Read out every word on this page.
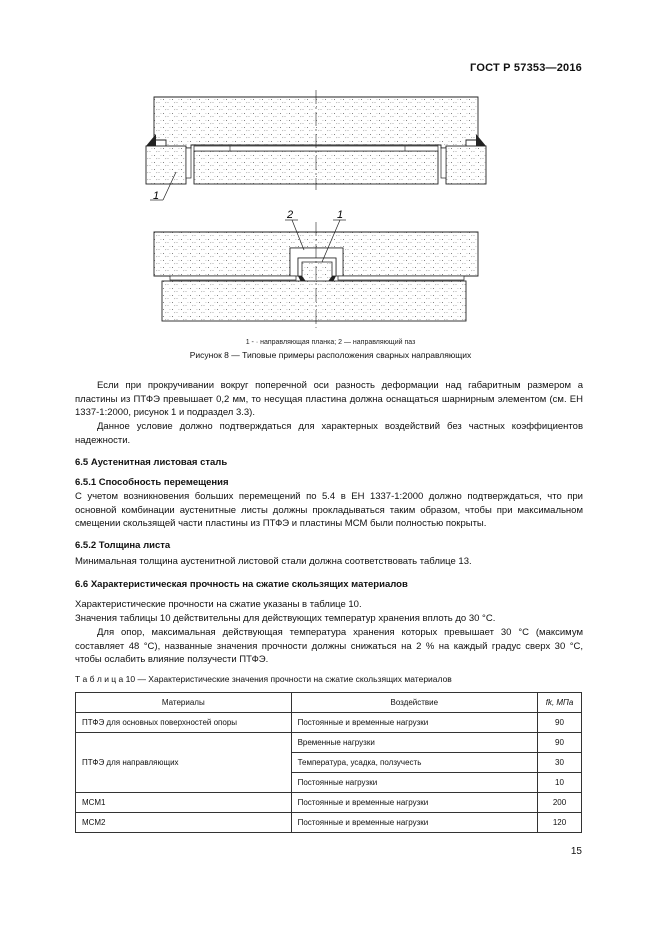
ГОСТ Р 57353—2016
1
2	1
1 - · направляющая планка; 2 — направляющий паз
Рисунок 8 — Типовые примеры расположения сварных направляющих

Если при прокручивании вокруг поперечной оси разность деформации над габаритным размером a пластины из ПТФЭ превышает 0,2 мм, то несущая пластина должна оснащаться шарнирным элементом (см. ЕН 1337-1:2000, рисунок 1 и подраздел 3.3).

Данное условие должно подтверждаться для характерных воздействий без частных коэффициентов надежности.

6.5 Аустенитная листовая сталь
6.5.1 Способность перемещения

С учетом возникновения больших перемещений по 5.4 в ЕН 1337-1:2000 должно подтверждаться, что при основной комбинации аустенитные листы должны прокладываться таким образом, чтобы при максимальном смещении скользящей части пластины из ПТФЭ и пластины МСМ были полностью покрыты.

6.5.2 Толщина листа

Минимальная толщина аустенитной листовой стали должна соответствовать таблице 13.

6.6 Характеристическая прочность на сжатие скользящих материалов

Характеристические прочности на сжатие указаны в таблице 10.

Значения таблицы 10 действительны для действующих температур хранения вплоть до 30 °С.

Для опор, максимальная действующая температура хранения которых превышает 30 °С (максимум составляет 48 °С), названные значения прочности должны снижаться на 2 % на каждый градус сверх 30 °С, чтобы ослабить влияние ползучести ПТФЭ.

Т а б л и ц а 10 — Характеристические значения прочности на сжатие скользящих материалов
Материалы	Воздействие	fk, МПа
ПТФЭ для основных поверхностей опоры	Постоянные и временные нагрузки	90
ПТФЭ для направляющих	Временные нагрузки	90
	Температура, усадка, ползучесть	30
	Постоянные нагрузки	10
МСМ1	Постоянные и временные нагрузки	200
МСМ2	Постоянные и временные нагрузки	120
15
